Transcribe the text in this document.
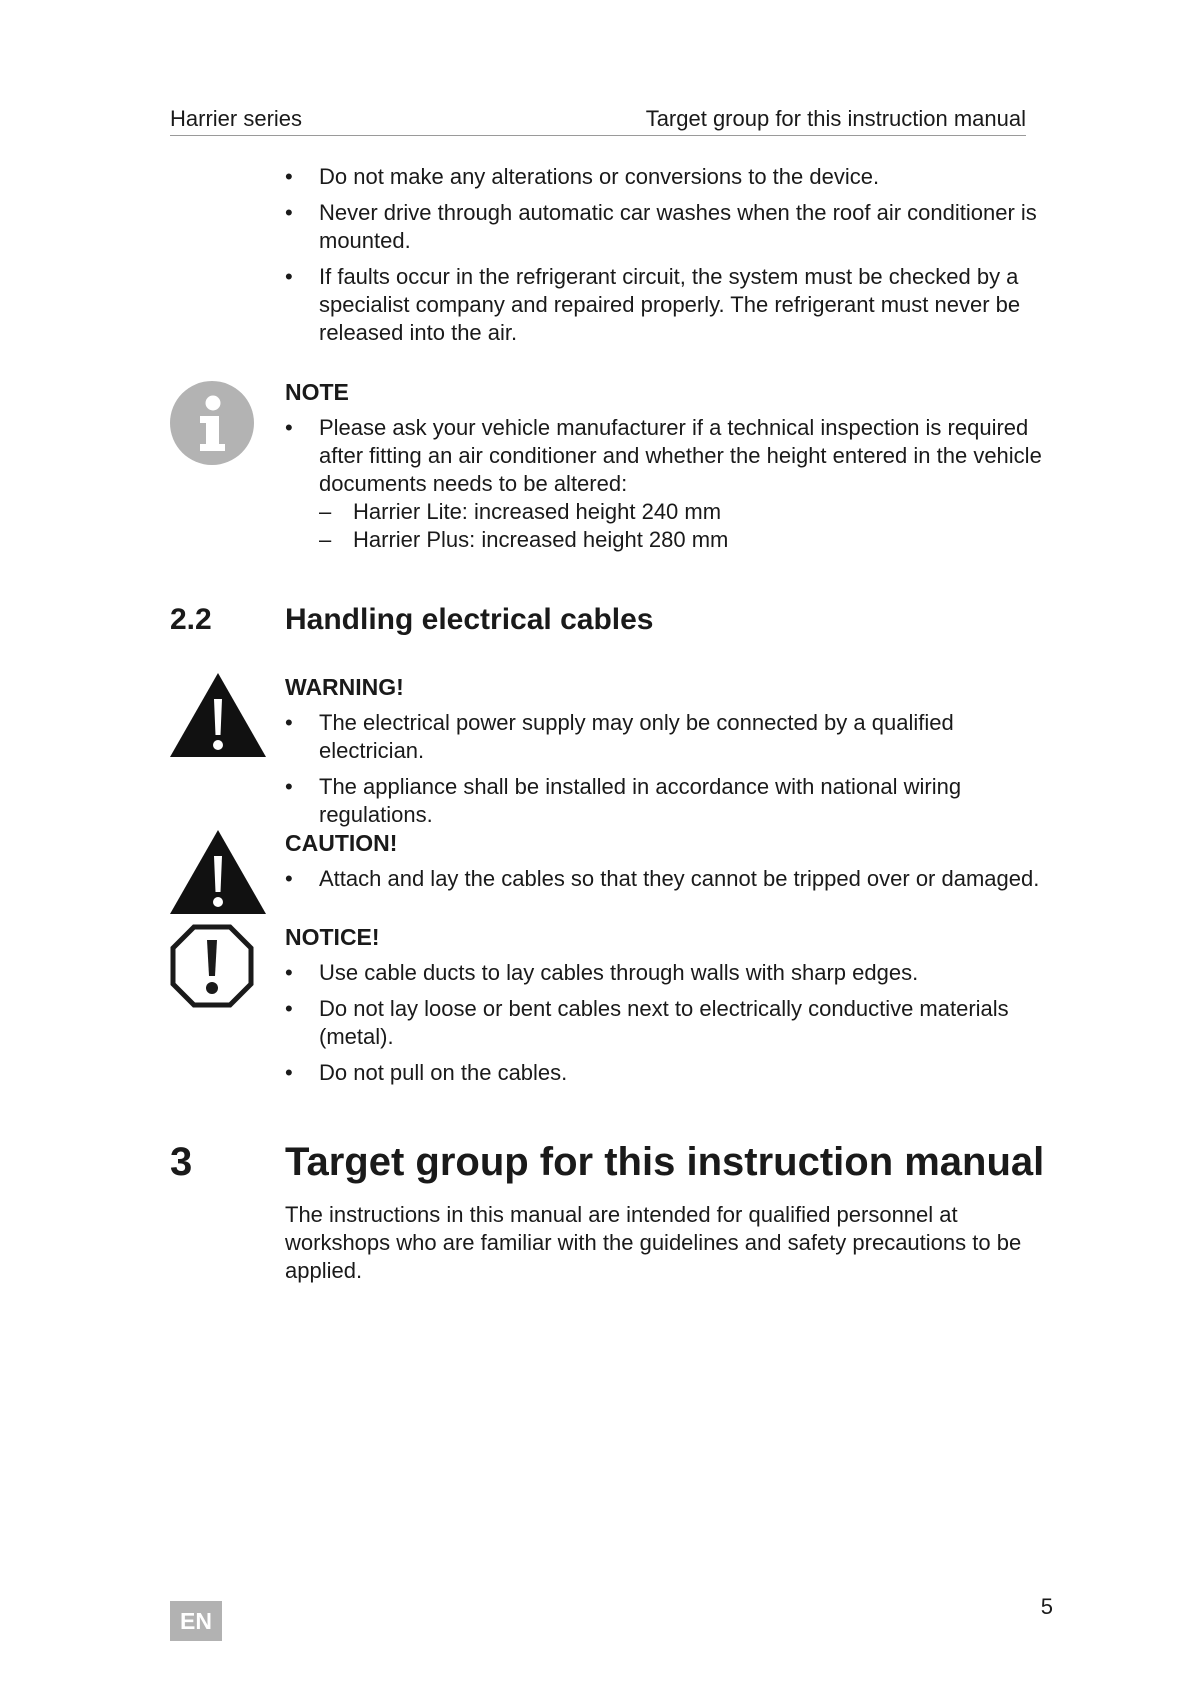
Harrier series	Target group for this instruction manual
• Do not make any alterations or conversions to the device.
• Never drive through automatic car washes when the roof air conditioner is mounted.
• If faults occur in the refrigerant circuit, the system must be checked by a specialist company and repaired properly. The refrigerant must never be released into the air.
NOTE
• Please ask your vehicle manufacturer if a technical inspection is required after fitting an air conditioner and whether the height entered in the vehicle documents needs to be altered:
– Harrier Lite: increased height 240 mm
– Harrier Plus: increased height 280 mm
2.2 Handling electrical cables
WARNING!
• The electrical power supply may only be connected by a qualified electrician.
• The appliance shall be installed in accordance with national wiring regulations.
CAUTION!
• Attach and lay the cables so that they cannot be tripped over or damaged.
NOTICE!
• Use cable ducts to lay cables through walls with sharp edges.
• Do not lay loose or bent cables next to electrically conductive materials (metal).
• Do not pull on the cables.
3 Target group for this instruction manual
The instructions in this manual are intended for qualified personnel at workshops who are familiar with the guidelines and safety precautions to be applied.
EN
5
